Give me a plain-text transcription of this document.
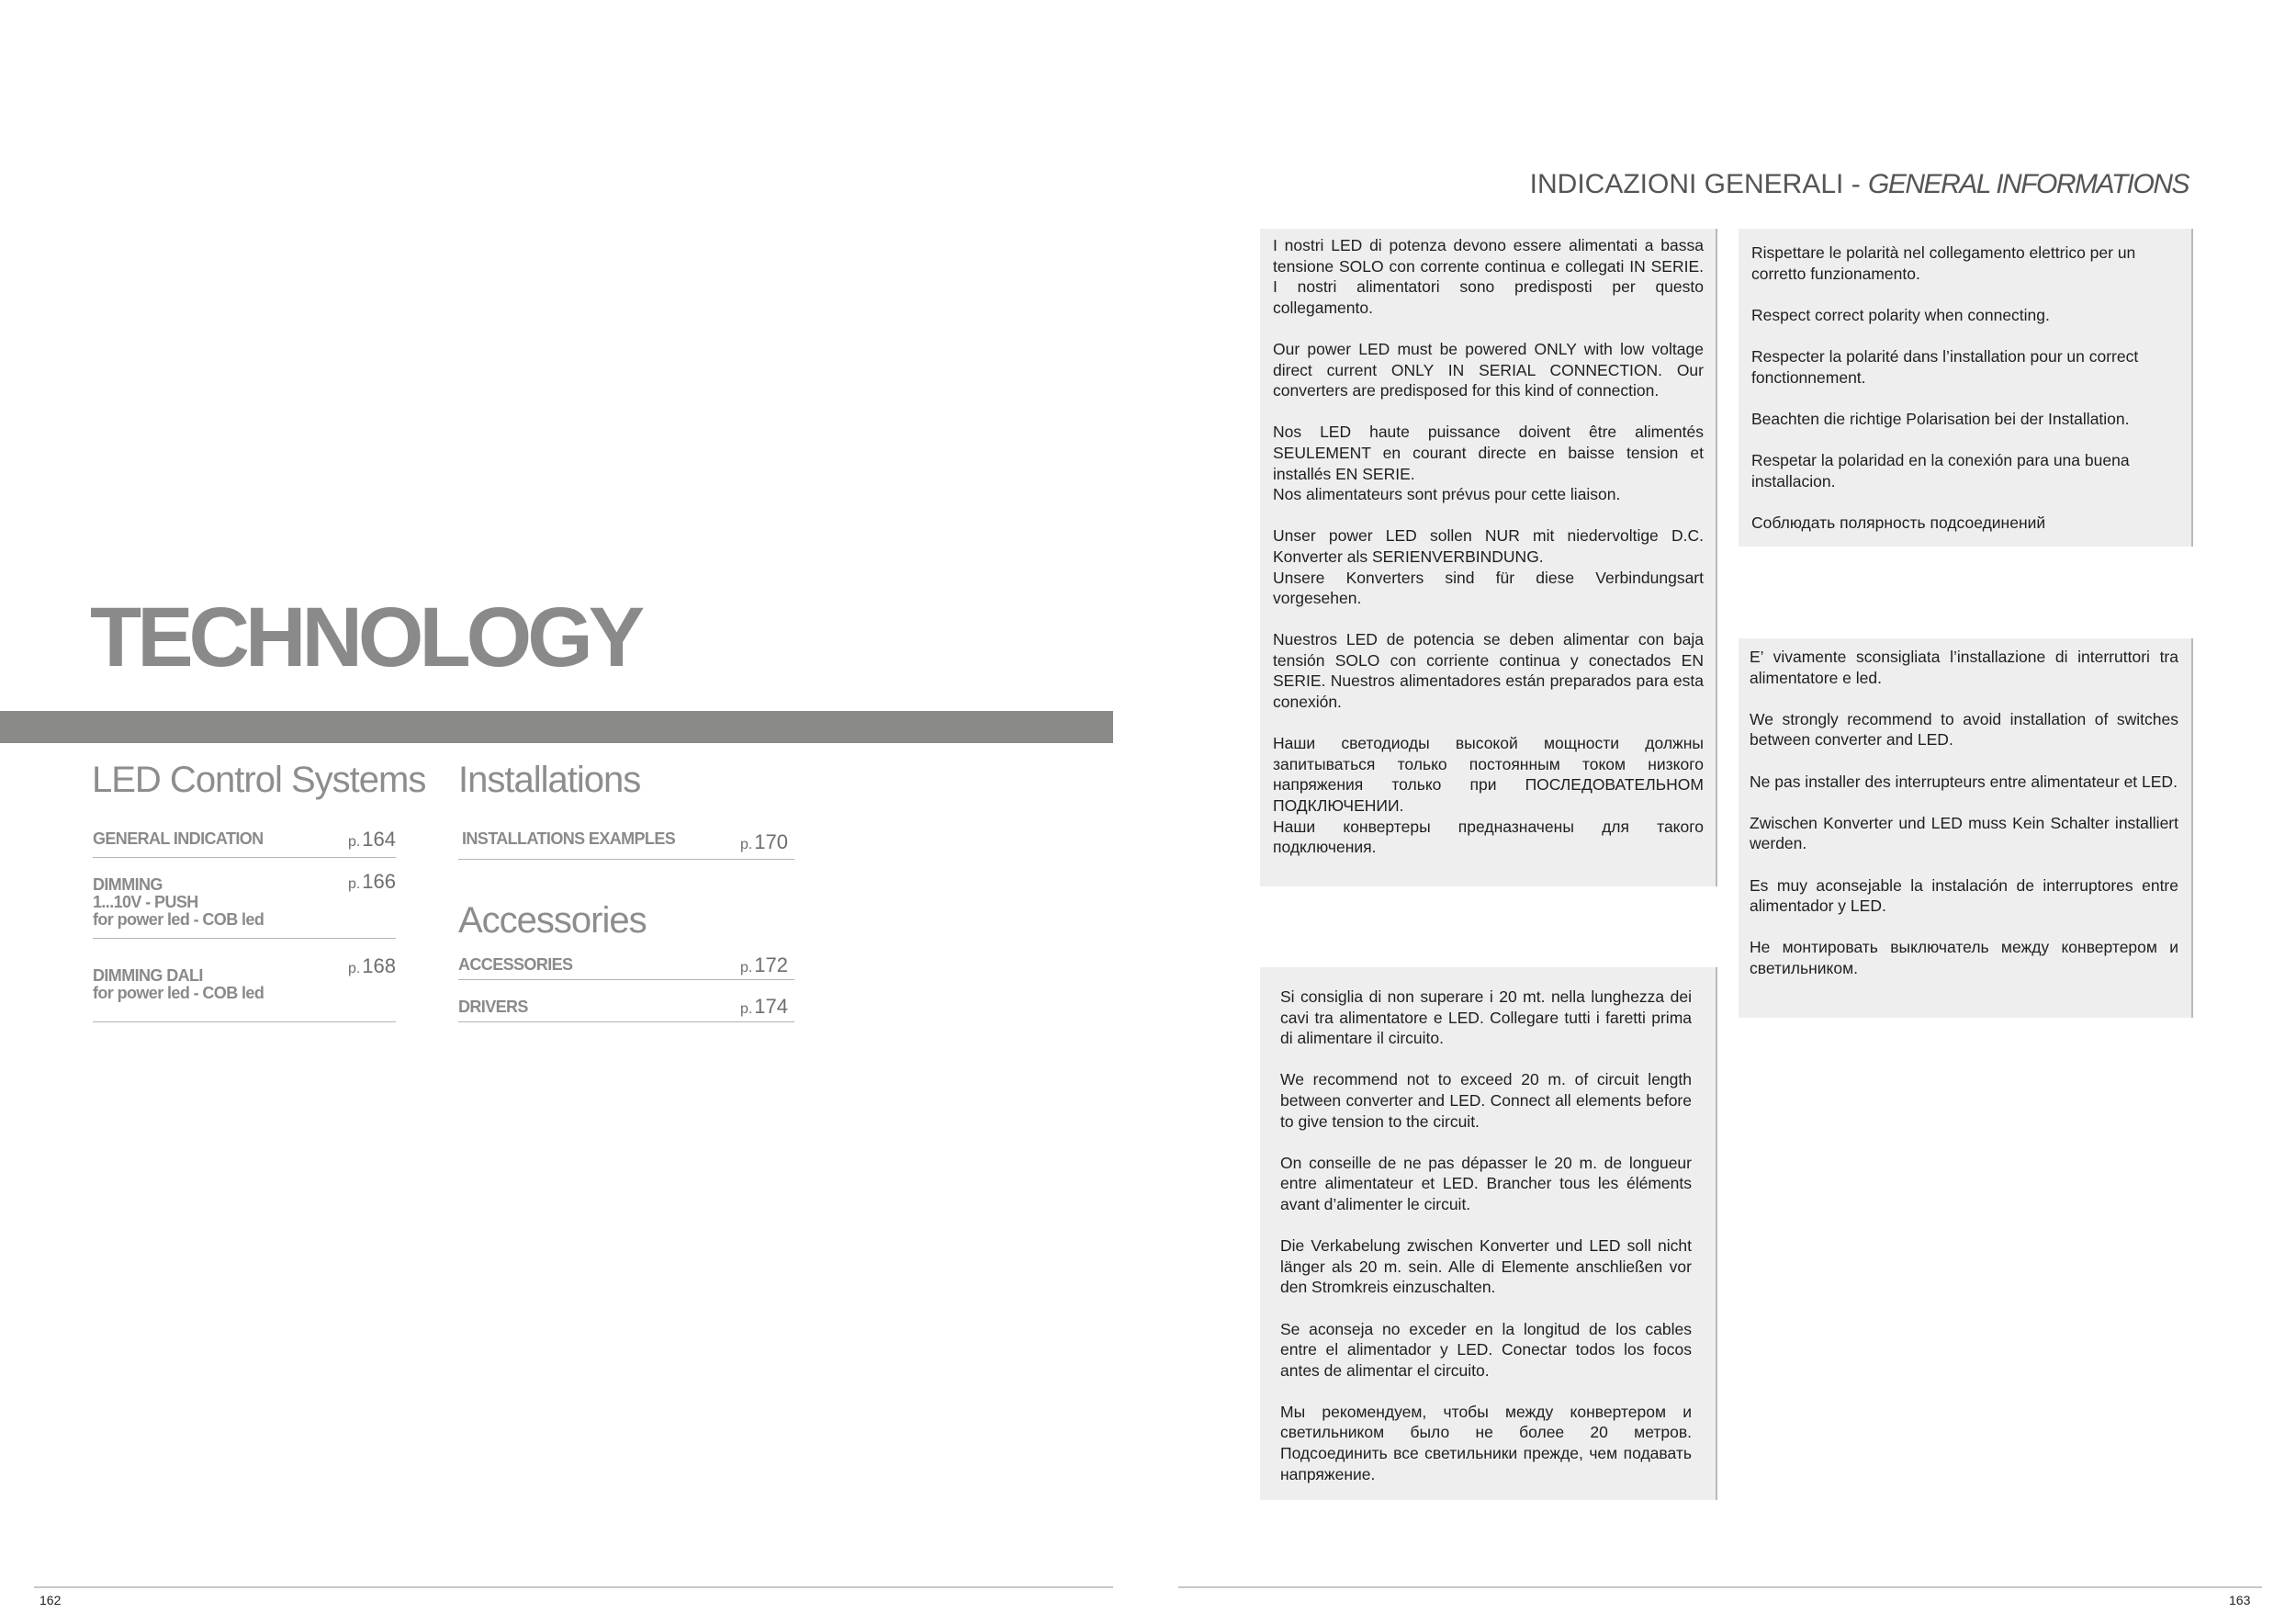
TECHNOLOGY
LED Control Systems
GENERAL INDICATION	p.164
DIMMING
1...10V - PUSH
for power led - COB led
p.166
DIMMING DALI
for power led - COB led
p.168
Installations
INSTALLATIONS EXAMPLES	p.170
Accessories
ACCESSORIES	p.172
DRIVERS	p.174
INDICAZIONI GENERALI - GENERAL INFORMATIONS

I nostri LED di potenza devono essere alimentati a bassa tensione SOLO con corrente continua e collegati IN SERIE. I nostri alimentatori sono predisposti per questo collegamento.

Our power LED must be powered ONLY with low voltage direct current ONLY IN SERIAL CONNECTION. Our converters are predisposed for this kind of connection.

Nos LED haute puissance doivent être alimentés SEULEMENT en courant directe en baisse tension et installés EN SERIE.
Nos alimentateurs sont prévus pour cette liaison.

Unser power LED sollen NUR mit niedervoltige D.C. Konverter als SERIENVERBINDUNG.
Unsere Konverters sind für diese Verbindungsart vorgesehen.

Nuestros LED de potencia se deben alimentar con baja tensión SOLO con corriente continua y conectados EN SERIE. Nuestros alimentadores están preparados para esta conexión.

Наши светодиоды высокой мощности должны запитываться только постоянным током низкого напряжения только при ПОСЛЕДОВАТЕЛЬНОМ ПОДКЛЮЧЕНИИ.
Наши конвертеры предназначены для такого подключения.

Rispettare le polarità nel collegamento elettrico per un corretto funzionamento.

Respect correct polarity when connecting.

Respecter la polarité dans l’installation pour un correct fonctionnement.

Beachten die richtige Polarisation bei der Installation.

Respetar la polaridad en la conexión para una buena installacion.

Соблюдать полярность подсоединений

E’ vivamente sconsigliata l’installazione di interruttori tra alimentatore e led.

We strongly recommend to avoid installation of switches between converter and LED.

Ne pas installer des interrupteurs entre alimentateur et LED.

Zwischen Konverter und LED muss Kein Schalter installiert werden.

Es muy aconsejable la instalación de interruptores entre alimentador y LED.

Не монтировать выключатель между конвертером и светильником.

Si consiglia di non superare i 20 mt. nella lunghezza dei cavi tra alimentatore e LED. Collegare tutti i faretti prima di alimentare il circuito.

We recommend not to exceed 20 m. of circuit length between converter and LED. Connect all elements before to give tension to the circuit.

On conseille de ne pas dépasser le 20 m. de longueur entre alimentateur et LED. Brancher tous les éléments avant d’alimenter le circuit.

Die Verkabelung zwischen Konverter und LED soll nicht länger als 20 m. sein. Alle di Elemente anschließen vor den Stromkreis einzuschalten.

Se aconseja no exceder en la longitud de los cables entre el alimentador y LED. Conectar todos los focos antes de alimentar el circuito.

Мы рекомендуем, чтобы между конвертером и светильником было не более 20 метров. Подсоединить все светильники прежде, чем подавать напряжение.

162	163
